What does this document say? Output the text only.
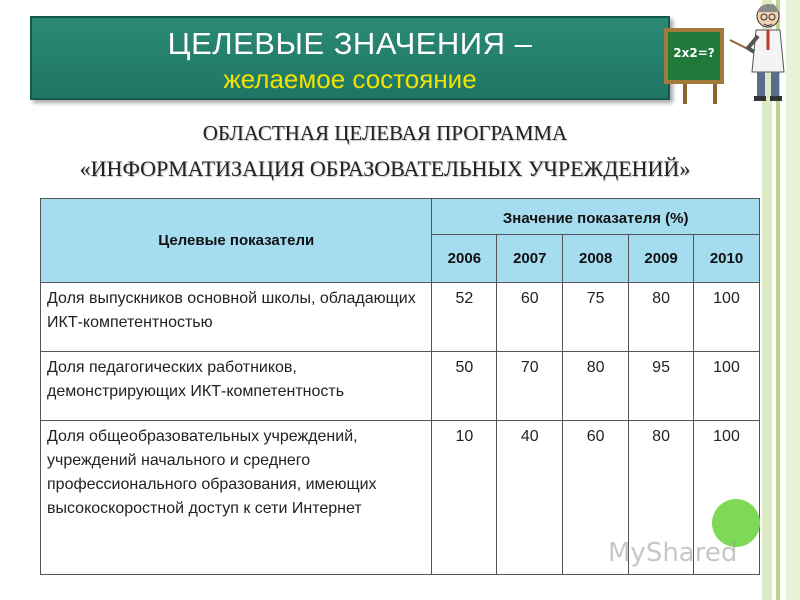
ЦЕЛЕВЫЕ ЗНАЧЕНИЯ –
желаемое состояние
2x2=?
ОБЛАСТНАЯ ЦЕЛЕВАЯ ПРОГРАММА
«ИНФОРМАТИЗАЦИЯ ОБРАЗОВАТЕЛЬНЫХ УЧРЕЖДЕНИЙ»
Целевые показатели	Значение показателя (%)				
	2006	2007	2008	2009	2010
Доля выпускников основной школы, обладающих ИКТ-компетентностью	52	60	75	80	100
Доля педагогических работников, демонстрирующих ИКТ-компетентность	50	70	80	95	100
Доля общеобразовательных учреждений, учреждений начального и среднего профессионального образования, имеющих высокоскоростной доступ к сети Интернет	10	40	60	80	100
MyShared
